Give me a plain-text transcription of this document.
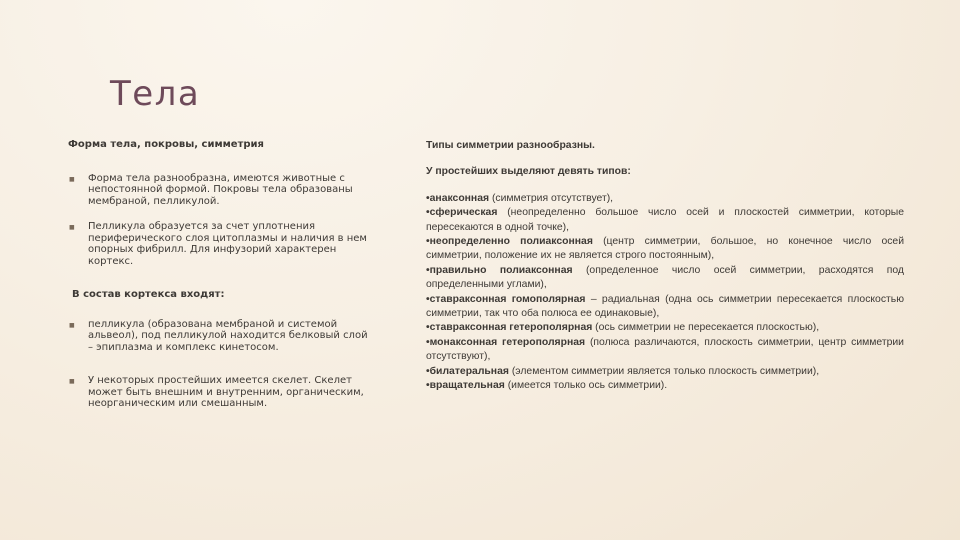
Тела
Форма тела, покровы, симметрия
■ Форма тела разнообразна, имеются животные с непостоянной формой. Покровы тела образованы мембраной, пелликулой.
■ Пелликула образуется за счет уплотнения периферического слоя цитоплазмы и наличия в нем опорных фибрилл. Для инфузорий характерен кортекс.
В состав кортекса входят:
■ пелликула (образована мембраной и системой альвеол), под пелликулой находится белковый слой – эпиплазма и комплекс кинетосом.
■ У некоторых простейших имеется скелет. Скелет может быть внешним и внутренним, органическим, неорганическим или смешанным.
Типы симметрии разнообразны.
У простейших выделяют девять типов:
•анаксонная (симметрия отсутствует),
•сферическая (неопределенно большое число осей и плоскостей симметрии, которые пересекаются в одной точке),
•неопределенно полиаксонная (центр симметрии, большое, но конечное число осей симметрии, положение их не является строго постоянным),
•правильно полиаксонная (определенное число осей симметрии, расходятся под определенными углами),
•ставраксонная гомополярная – радиальная (одна ось симметрии пересекается плоскостью симметрии, так что оба полюса ее одинаковые),
•ставраксонная гетерополярная (ось симметрии не пересекается плоскостью),
•монаксонная гетерополярная (полюса различаются, плоскость симметрии, центр симметрии отсутствуют),
•билатеральная (элементом симметрии является только плоскость симметрии),
•вращательная (имеется только ось симметрии).
